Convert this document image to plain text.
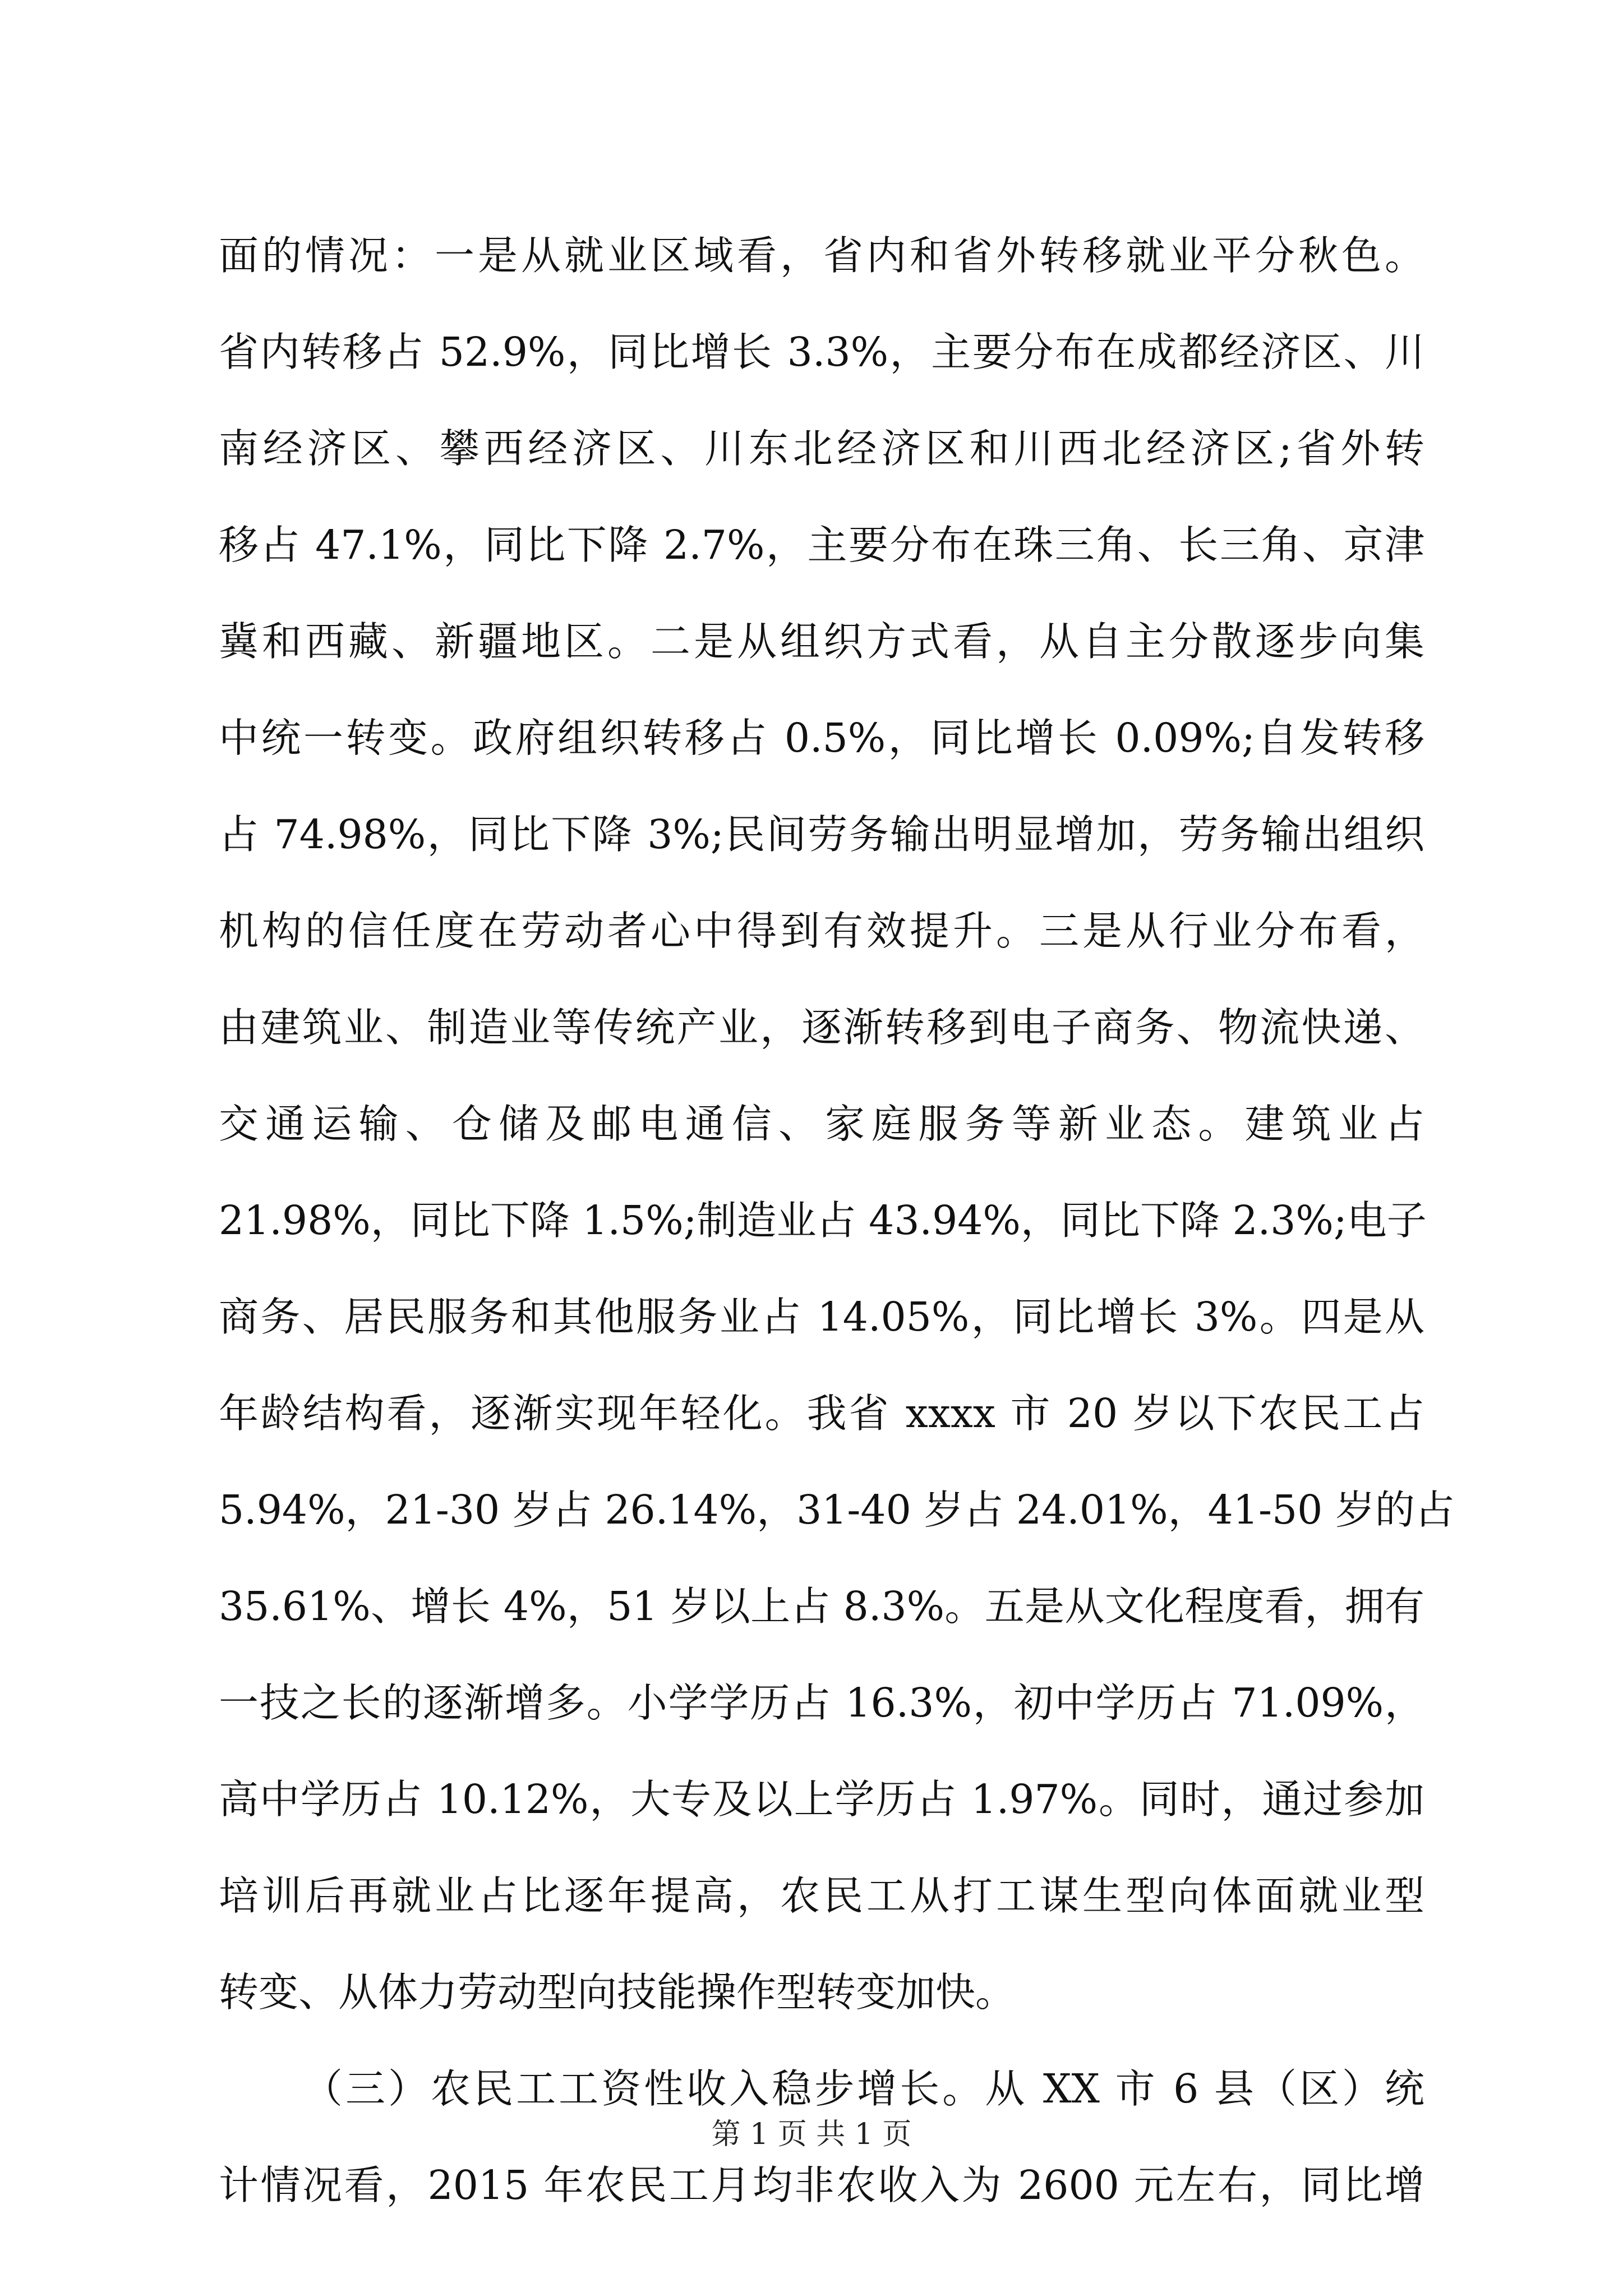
面的情况：一是从就业区域看，省内和省外转移就业平分秋色。
省内转移占 52.9%，同比增长 3.3%，主要分布在成都经济区、川
南经济区、攀西经济区、川东北经济区和川西北经济区;省外转
移占 47.1%，同比下降 2.7%，主要分布在珠三角、长三角、京津
冀和西藏、新疆地区。二是从组织方式看，从自主分散逐步向集
中统一转变。政府组织转移占 0.5%，同比增长 0.09%;自发转移
占 74.98%，同比下降 3%;民间劳务输出明显增加，劳务输出组织
机构的信任度在劳动者心中得到有效提升。三是从行业分布看，
由建筑业、制造业等传统产业，逐渐转移到电子商务、物流快递、
交通运输、仓储及邮电通信、家庭服务等新业态。建筑业占
21.98%，同比下降 1.5%;制造业占 43.94%，同比下降 2.3%;电子
商务、居民服务和其他服务业占 14.05%，同比增长 3%。四是从
年龄结构看，逐渐实现年轻化。我省 xxxx 市 20 岁以下农民工占
5.94%，21-30 岁占 26.14%，31-40 岁占 24.01%，41-50 岁的占
35.61%、增长 4%，51 岁以上占 8.3%。五是从文化程度看，拥有
一技之长的逐渐增多。小学学历占 16.3%，初中学历占 71.09%，
高中学历占 10.12%，大专及以上学历占 1.97%。同时，通过参加
培训后再就业占比逐年提高，农民工从打工谋生型向体面就业型
转变、从体力劳动型向技能操作型转变加快。
（三）农民工工资性收入稳步增长。从 XX 市 6 县（区）统
计情况看，2015 年农民工月均非农收入为 2600 元左右，同比增
第 1 页 共 1 页
